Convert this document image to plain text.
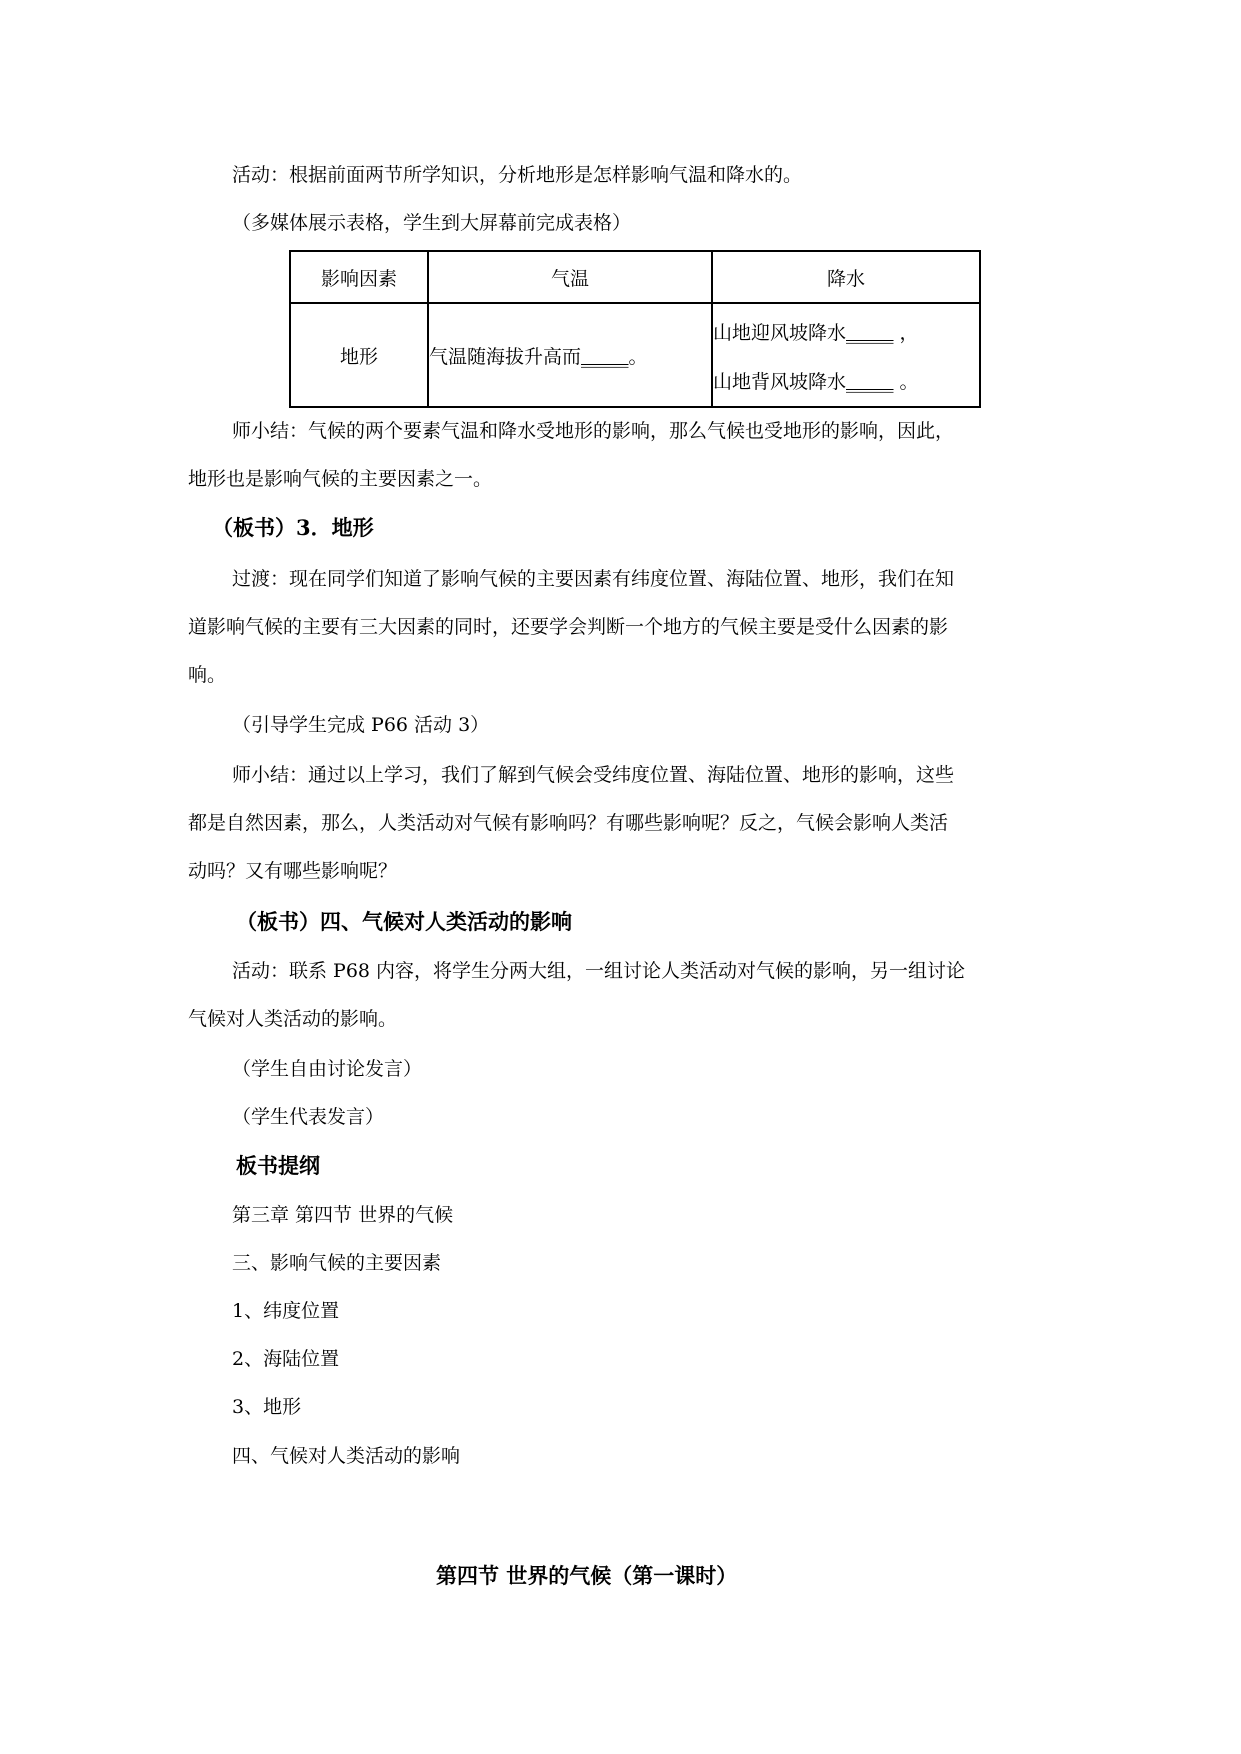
活动：根据前面两节所学知识，分析地形是怎样影响气温和降水的。
（多媒体展示表格，学生到大屏幕前完成表格）
影响因素	气温	降水
地形	气温随海拔升高而_____。	山地迎风坡降水_____ ，
山地背风坡降水_____ 。
师小结：气候的两个要素气温和降水受地形的影响，那么气候也受地形的影响，因此，
地形也是影响气候的主要因素之一。
（板书）3．地形
过渡：现在同学们知道了影响气候的主要因素有纬度位置、海陆位置、地形，我们在知
道影响气候的主要有三大因素的同时，还要学会判断一个地方的气候主要是受什么因素的影
响。
（引导学生完成 P66 活动 3）
师小结：通过以上学习，我们了解到气候会受纬度位置、海陆位置、地形的影响，这些
都是自然因素，那么，人类活动对气候有影响吗？有哪些影响呢？反之，气候会影响人类活
动吗？又有哪些影响呢？
（板书）四、气候对人类活动的影响
活动：联系 P68 内容，将学生分两大组，一组讨论人类活动对气候的影响，另一组讨论
气候对人类活动的影响。
（学生自由讨论发言）
（学生代表发言）
板书提纲
第三章 第四节 世界的气候
三、影响气候的主要因素
1、纬度位置
2、海陆位置
3、地形
四、气候对人类活动的影响
第四节 世界的气候（第一课时）
